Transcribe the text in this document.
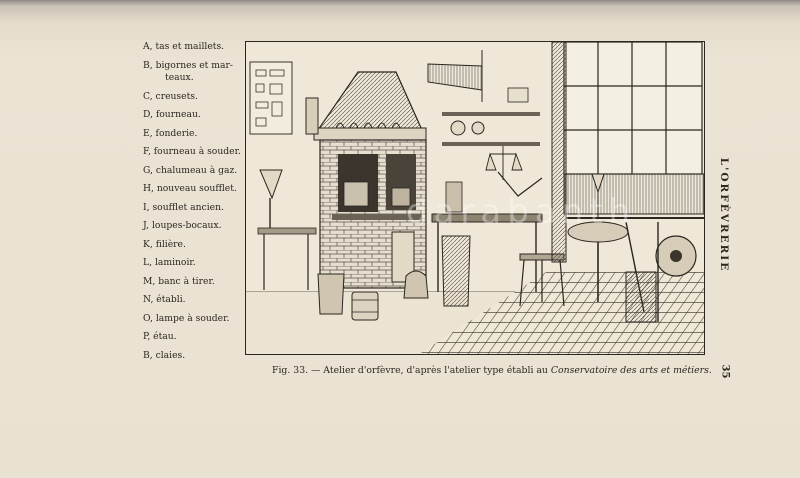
A, tas et maillets.
B, bigornes et mar-
teaux.
C, creusets.
D, fourneau.
E, fonderie.
F, fourneau à souder.
G, chalumeau à gaz.
H, nouveau soufflet.
I, soufflet ancien.
J, loupes-bocaux.
K, filière.
L, laminoir.
M, banc à tirer.
N, établi.
O, lampe à souder.
P, étau.
B, claies.
darabanth
Fig. 33. — Atelier d'orfèvre, d'après l'atelier type établi au Conservatoire des arts et métiers.
L'ORFÈVRERIE
35
